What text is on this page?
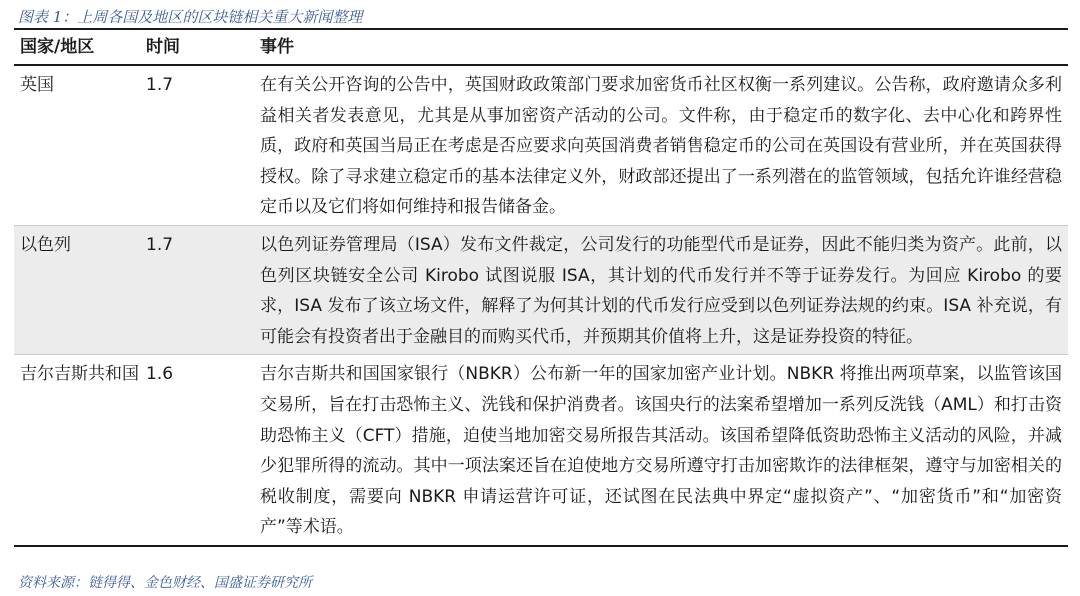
图表 1：上周各国及地区的区块链相关重大新闻整理
国家/地区	时间	事件
英国	1.7	在有关公开咨询的公告中，英国财政政策部门要求加密货币社区权衡一系列建议。公告称，政府邀请众多利益相关者发表意见，尤其是从事加密资产活动的公司。文件称，由于稳定币的数字化、去中心化和跨界性质，政府和英国当局正在考虑是否应要求向英国消费者销售稳定币的公司在英国设有营业所，并在英国获得授权。除了寻求建立稳定币的基本法律定义外，财政部还提出了一系列潜在的监管领域，包括允许谁经营稳定币以及它们将如何维持和报告储备金。
以色列	1.7	以色列证券管理局（ISA）发布文件裁定，公司发行的功能型代币是证券，因此不能归类为资产。此前，以色列区块链安全公司 Kirobo 试图说服 ISA，其计划的代币发行并不等于证券发行。为回应 Kirobo 的要求，ISA 发布了该立场文件，解释了为何其计划的代币发行应受到以色列证券法规的约束。ISA 补充说，有可能会有投资者出于金融目的而购买代币，并预期其价值将上升，这是证券投资的特征。
吉尔吉斯共和国 1.6	吉尔吉斯共和国国家银行（NBKR）公布新一年的国家加密产业计划。NBKR 将推出两项草案，以监管该国交易所，旨在打击恐怖主义、洗钱和保护消费者。该国央行的法案希望增加一系列反洗钱（AML）和打击资助恐怖主义（CFT）措施，迫使当地加密交易所报告其活动。该国希望降低资助恐怖主义活动的风险，并减少犯罪所得的流动。其中一项法案还旨在迫使地方交易所遵守打击加密欺诈的法律框架，遵守与加密相关的税收制度，需要向 NBKR 申请运营许可证，还试图在民法典中界定“虚拟资产”、“加密货币”和“加密资产”等术语。
资料来源：链得得、金色财经、国盛证券研究所
